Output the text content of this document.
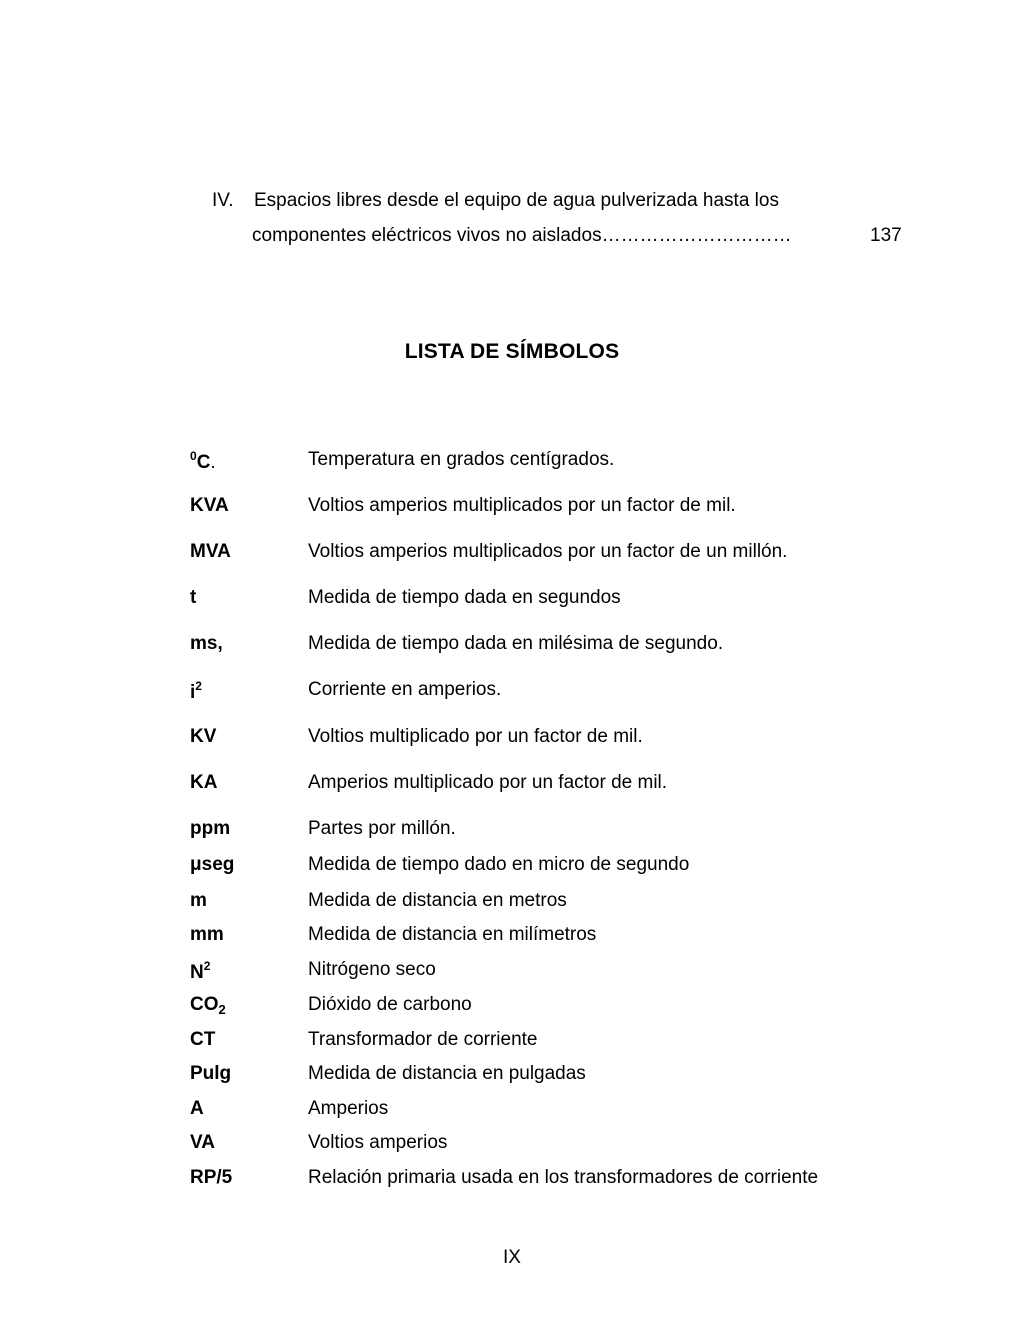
IV. Espacios libres desde el equipo de agua pulverizada hasta los
componentes eléctricos vivos no aislados…………………………	137
LISTA DE SÍMBOLOS
$^0$C.	Temperatura en grados centígrados.
KVA	Voltios amperios multiplicados por un factor de mil.
MVA	Voltios amperios multiplicados por un factor de un millón.
t	Medida de tiempo dada en segundos
ms,	Medida de tiempo dada en milésima de segundo.
$i^2$	Corriente en amperios.
KV	Voltios multiplicado por un factor de mil.
KA	Amperios multiplicado por un factor de mil.
ppm	Partes por millón.
μseg	Medida de tiempo dado en micro de segundo
m	Medida de distancia en metros
mm	Medida de distancia en milímetros
$N^2$	Nitrógeno seco
$CO_2$	Dióxido de carbono
CT	Transformador de corriente
Pulg	Medida de distancia en pulgadas
A	Amperios
VA	Voltios amperios
RP/5	Relación primaria usada en los transformadores de corriente
IX
